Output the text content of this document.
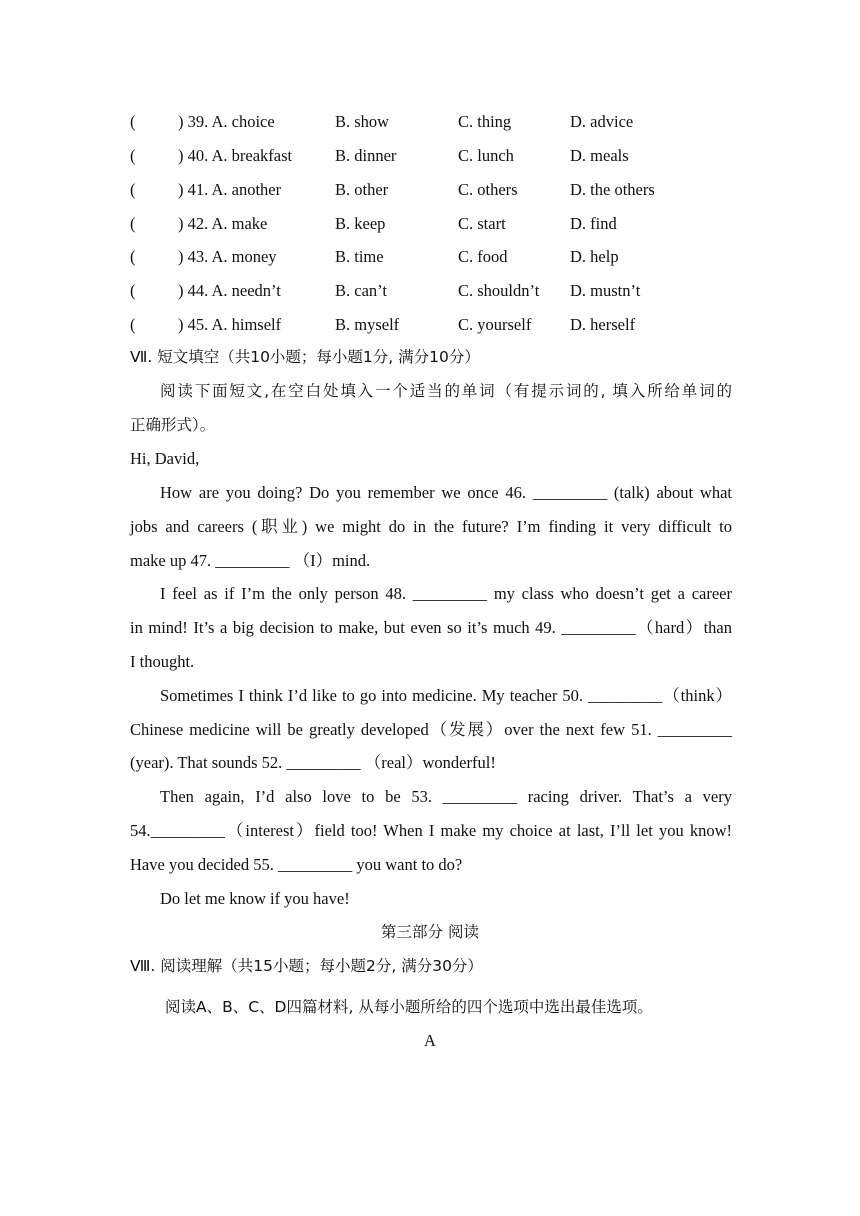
(	) 39. A. choice	B. show	C. thing	D. advice
(	) 40. A. breakfast	B. dinner	C. lunch	D. meals
(	) 41. A. another	B. other	C. others	D. the others
(	) 42. A. make	B. keep	C. start	D. find
(	) 43. A. money	B. time	C. food	D. help
(	) 44. A. needn’t	B. can’t	C. shouldn’t D. mustn’t
(	) 45. A. himself	B. myself	C. yourself D. herself
Ⅶ. 短文填空（共10小题；每小题1分, 满分10分）
阅读下面短文,在空白处填入一个适当的单词（有提示词的, 填入所给单词的
正确形式）。
Hi, David,
How are you doing? Do you remember we once 46. _________ (talk) about what
jobs and careers (职业) we might do in the future? I’m finding it very difficult to
make up 47. _________ （I）mind.
I feel as if I’m the only person 48. _________ my class who doesn’t get a career
in mind! It’s a big decision to make, but even so it’s much 49. _________（hard）than
I thought.
Sometimes I think I’d like to go into medicine. My teacher 50. _________（think）
Chinese medicine will be greatly developed（发展）over the next few 51. _________
(year). That sounds 52. _________ （real）wonderful!
Then again, I’d also love to be 53. _________ racing driver. That’s a very
54._________（interest）field too! When I make my choice at last, I’ll let you know!
Have you decided 55. _________ you want to do?
Do let me know if you have!
第三部分 阅读
Ⅷ. 阅读理解（共15小题；每小题2分, 满分30分）
阅读A、B、C、D四篇材料, 从每小题所给的四个选项中选出最佳选项。
A
